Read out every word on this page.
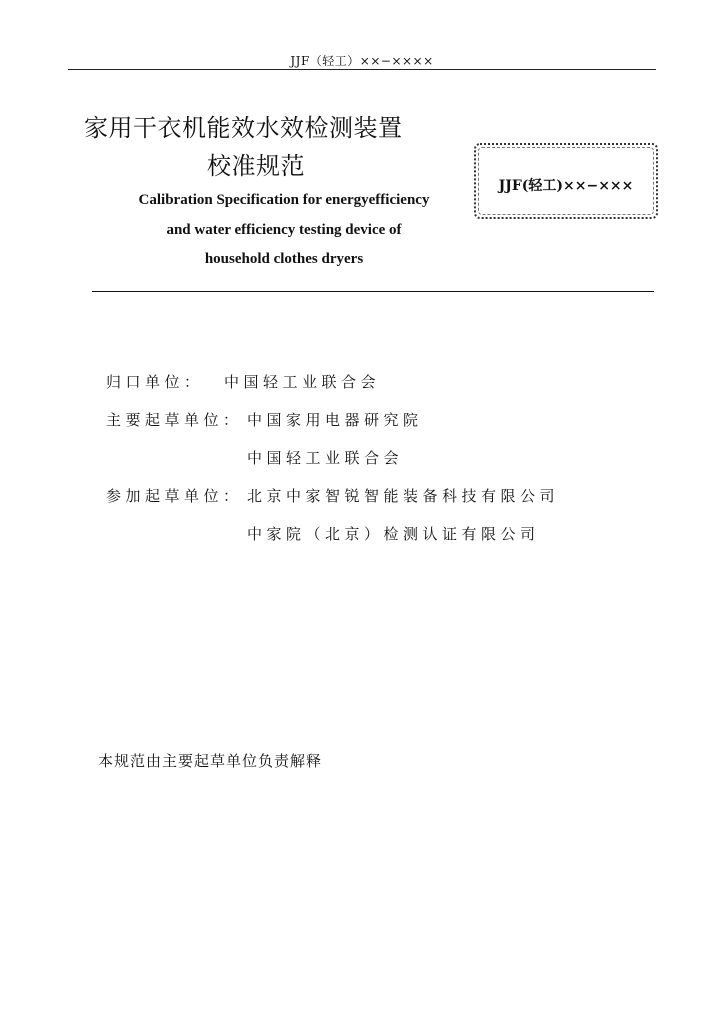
JJF（轻工）××−××××
家用干衣机能效水效检测装置
校准规范
Calibration Specification for energyefficiency
and water efficiency testing device of
household clothes dryers
JJF(轻工)××−×××
归口单位： 中国轻工业联合会
主要起草单位： 中国家用电器研究院
中国轻工业联合会
参加起草单位： 北京中家智锐智能装备科技有限公司
中家院（北京）检测认证有限公司
本规范由主要起草单位负责解释
